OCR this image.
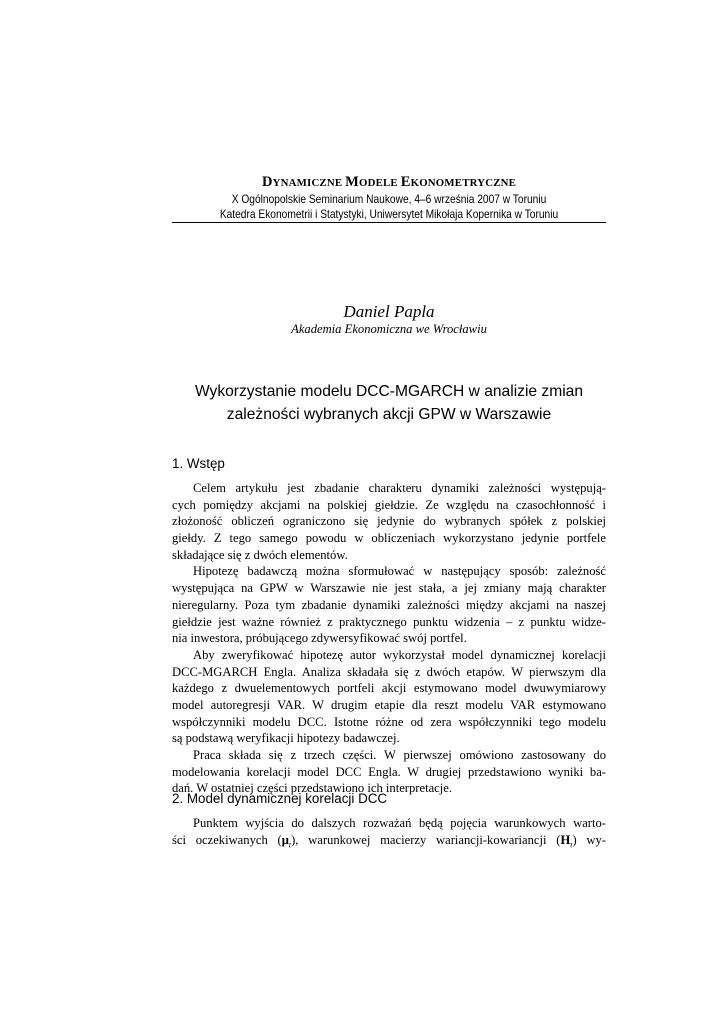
DYNAMICZNE MODELE EKONOMETRYCZNE
X Ogólnopolskie Seminarium Naukowe, 4–6 września 2007 w Toruniu
Katedra Ekonometrii i Statystyki, Uniwersytet Mikołaja Kopernika w Toruniu
Daniel Papla
Akademia Ekonomiczna we Wrocławiu
Wykorzystanie modelu DCC-MGARCH w analizie zmian
zależności wybranych akcji GPW w Warszawie
1. Wstęp
Celem artykułu jest zbadanie charakteru dynamiki zależności występują-
cych pomiędzy akcjami na polskiej giełdzie. Ze względu na czasochłonność i
złożoność obliczeń ograniczono się jedynie do wybranych spółek z polskiej
giełdy. Z tego samego powodu w obliczeniach wykorzystano jedynie portfele
składające się z dwóch elementów.
Hipotezę badawczą można sformułować w następujący sposób: zależność
występująca na GPW w Warszawie nie jest stała, a jej zmiany mają charakter
nieregularny. Poza tym zbadanie dynamiki zależności między akcjami na naszej
giełdzie jest ważne również z praktycznego punktu widzenia – z punktu widze-
nia inwestora, próbującego zdywersyfikować swój portfel.
Aby zweryfikować hipotezę autor wykorzystał model dynamicznej korelacji
DCC-MGARCH Engla. Analiza składała się z dwóch etapów. W pierwszym dla
każdego z dwuelementowych portfeli akcji estymowano model dwuwymiarowy
model autoregresji VAR. W drugim etapie dla reszt modelu VAR estymowano
współczynniki modelu DCC. Istotne różne od zera współczynniki tego modelu
są podstawą weryfikacji hipotezy badawczej.
Praca składa się z trzech części. W pierwszej omówiono zastosowany do
modelowania korelacji model DCC Engla. W drugiej przedstawiono wyniki ba-
dań. W ostatniej części przedstawiono ich interpretacje.
2. Model dynamicznej korelacji DCC
Punktem wyjścia do dalszych rozważań będą pojęcia warunkowych warto-
ści oczekiwanych $(\mu_t)$, warunkowej macierzy wariancji-kowariancji $(H_t)$ wy-
